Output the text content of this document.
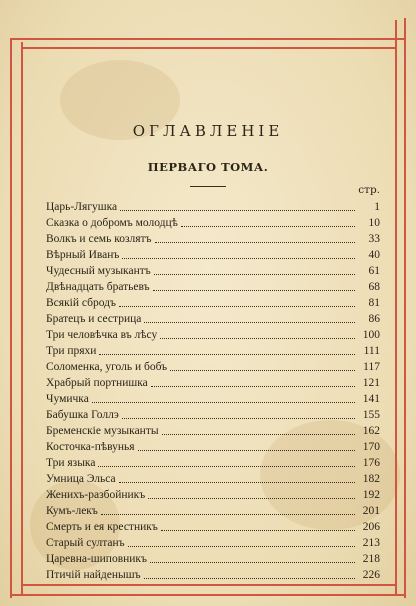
ОГЛАВЛЕНIЕ
ПЕРВАГО ТОМА.
стр.
Царь-Лягушка	1
Сказка о добромъ молодцѣ	10
Волкъ и семь козлятъ	33
Вѣрный Иванъ	40
Чудесный музыкантъ	61
Двѣнадцать братьевъ	68
Всякiй сбродъ	81
Братецъ и сестрица	86
Три человѣчка въ лѣсу	100
Три пряхи	111
Соломенка, уголь и бобъ	117
Храбрый портнишка	121
Чумичка	141
Бабушка Голлэ	155
Бременскiе музыканты	162
Косточка-пѣвунья	170
Три языка	176
Умница Эльса	182
Женихъ-разбойникъ	192
Кумъ-лекъ	201
Смерть и ея крестникъ	206
Старый султанъ	213
Царевна-шиповникъ	218
Птичiй найденышъ	226
